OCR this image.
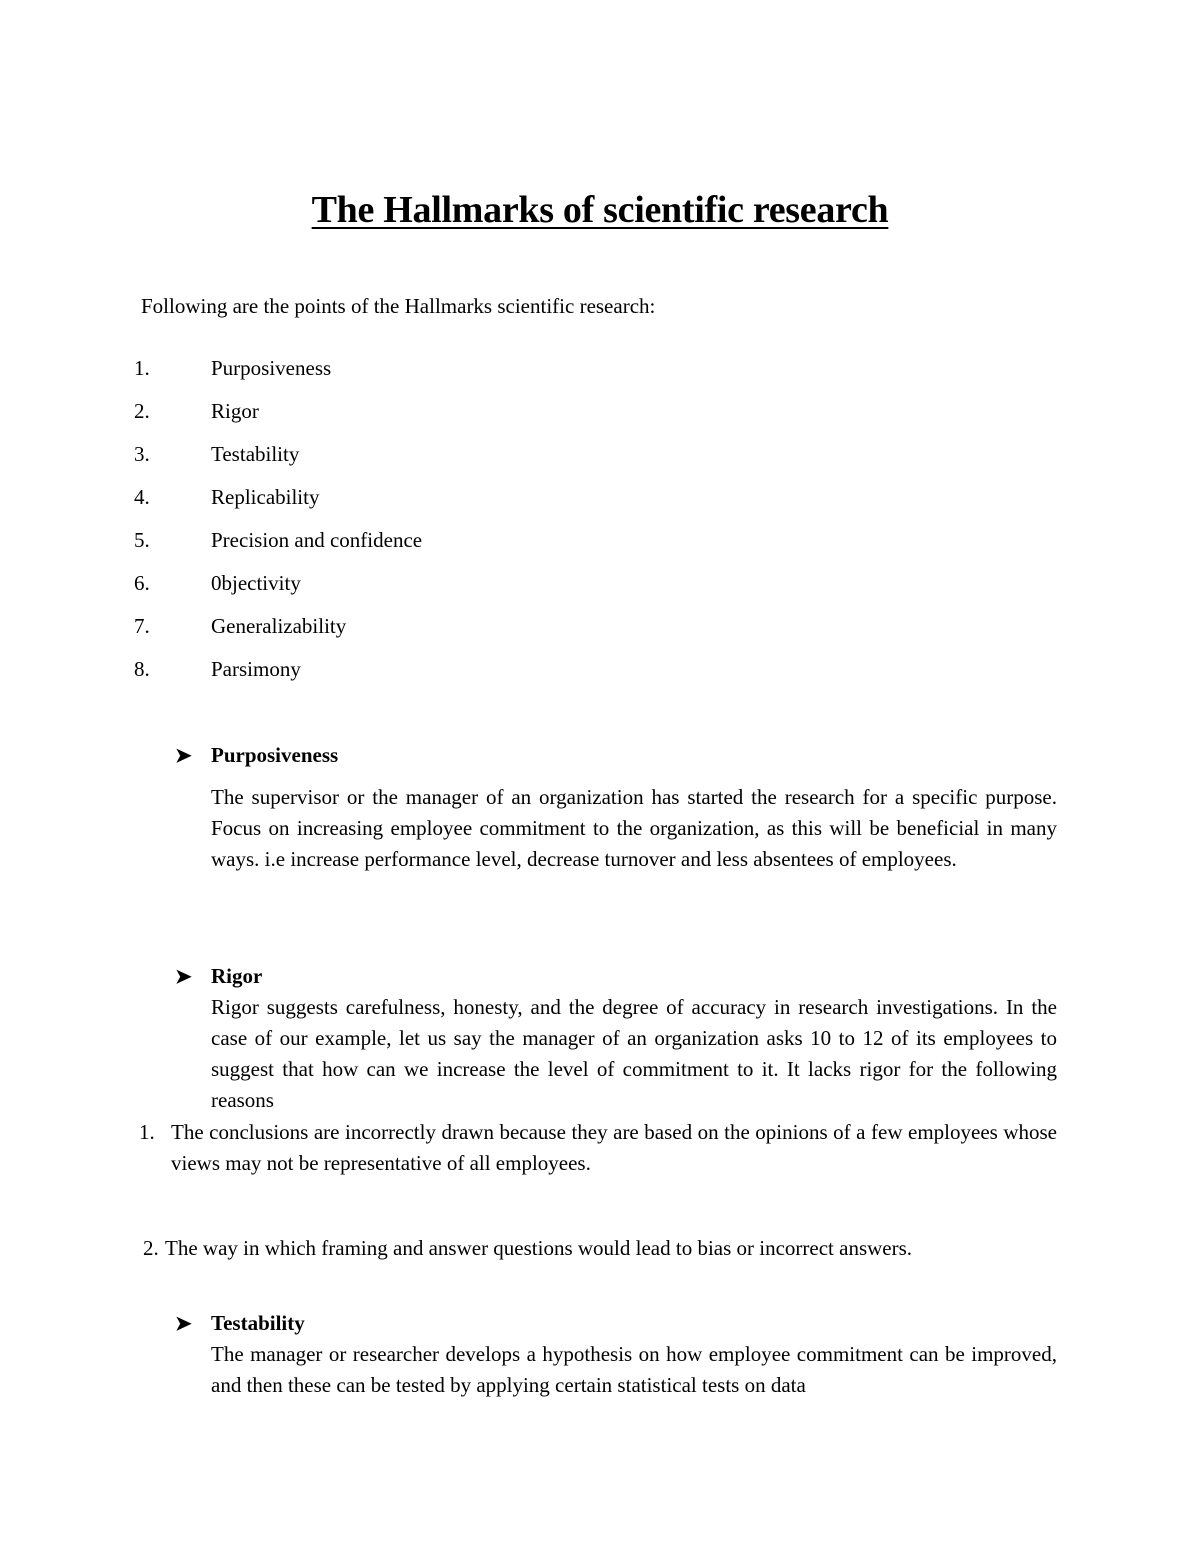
The Hallmarks of scientific research

Following are the points of the Hallmarks scientific research:

1.	Purposiveness
2.	Rigor
3.	Testability
4.	Replicability
5.	Precision and confidence
6.	0bjectivity
7.	Generalizability
8.	Parsimony
➤ Purposiveness

The supervisor or the manager of an organization has started the research for a specific purpose. Focus on increasing employee commitment to the organization, as this will be beneficial in many ways. i.e increase performance level, decrease turnover and less absentees of employees.

➤ Rigor

Rigor suggests carefulness, honesty, and the degree of accuracy in research investigations. In the case of our example, let us say the manager of an organization asks 10 to 12 of its employees to suggest that how can we increase the level of commitment to it. It lacks rigor for the following reasons

1. The conclusions are incorrectly drawn because they are based on the opinions of a few employees whose views may not be representative of all employees.
2. The way in which framing and answer questions would lead to bias or incorrect answers.
➤ Testability

The manager or researcher develops a hypothesis on how employee commitment can be improved, and then these can be tested by applying certain statistical tests on data
